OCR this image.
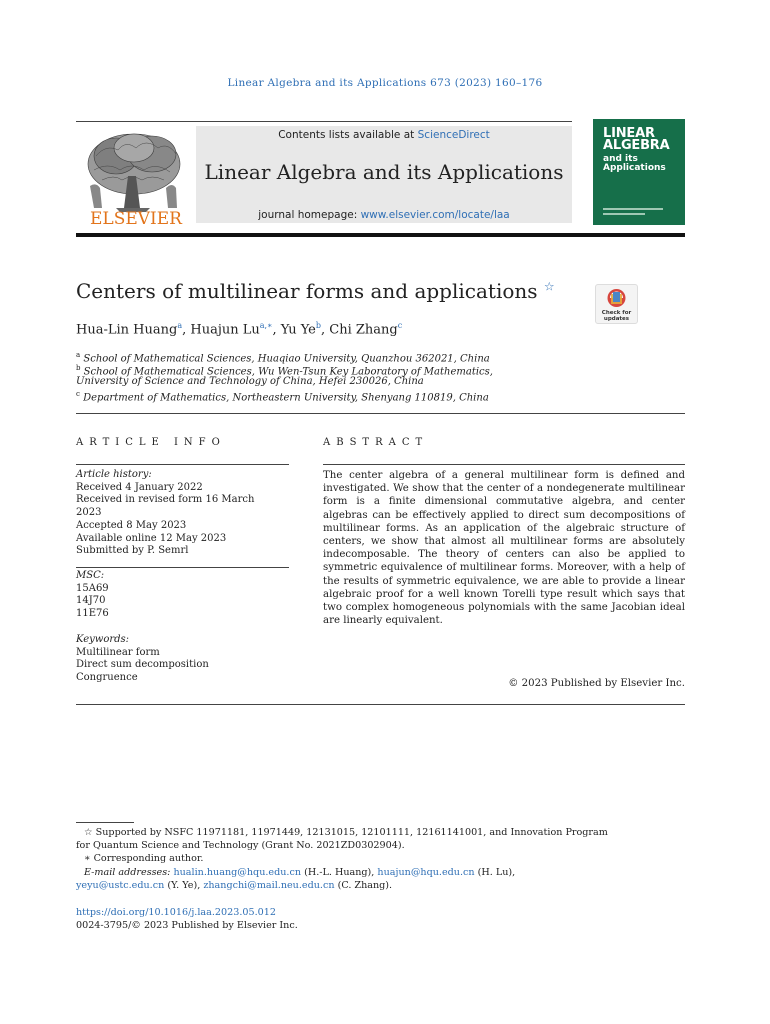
Linear Algebra and its Applications 673 (2023) 160–176
ELSEVIER
Contents lists available at ScienceDirect
Linear Algebra and its Applications
journal homepage: www.elsevier.com/locate/laa
LINEAR
ALGEBRA
and its
Applications
Centers of multilinear forms and applications ☆
Check for
updates
Hua-Lin Huang$^a$, Huajun $Lu^{a,∗}$, Yu Ye$^b$, Chi Zhang$^c$
$^a$ School of Mathematical Sciences, Huaqiao University, Quanzhou 362021, China
$^b$ School of Mathematical Sciences, Wu Wen-Tsun Key Laboratory of Mathematics,
University of Science and Technology of China, Hefei 230026, China
$^c$ Department of Mathematics, Northeastern University, Shenyang 110819, China
ARTICLE INFO	ABSTRACT
Article history:
Received 4 January 2022
Received in revised form 16 March
2023
Accepted 8 May 2023
Available online 12 May 2023
Submitted by P. Semrl
MSC:
15A69
14J70
11E76
Keywords:
Multilinear form
Direct sum decomposition
Congruence
The center algebra of a general multilinear form is defined and investigated. We show that the center of a nondegenerate multilinear form is a finite dimensional commutative algebra, and center algebras can be effectively applied to direct sum decompositions of multilinear forms. As an application of the algebraic structure of centers, we show that almost all multilinear forms are absolutely indecomposable. The theory of centers can also be applied to symmetric equivalence of multilinear forms. Moreover, with a help of the results of symmetric equivalence, we are able to provide a linear algebraic proof for a well known Torelli type result which says that two complex homogeneous polynomials with the same Jacobian ideal are linearly equivalent.
© 2023 Published by Elsevier Inc.
☆ Supported by NSFC 11971181, 11971449, 12131015, 12101111, 12161141001, and Innovation Program
for Quantum Science and Technology (Grant No. 2021ZD0302904).
∗ Corresponding author.
E-mail addresses: hualin.huang@hqu.edu.cn (H.-L. Huang), huajun@hqu.edu.cn (H. Lu),
yeyu@ustc.edu.cn (Y. Ye), zhangchi@mail.neu.edu.cn (C. Zhang).
https://doi.org/10.1016/j.laa.2023.05.012
0024-3795/© 2023 Published by Elsevier Inc.
